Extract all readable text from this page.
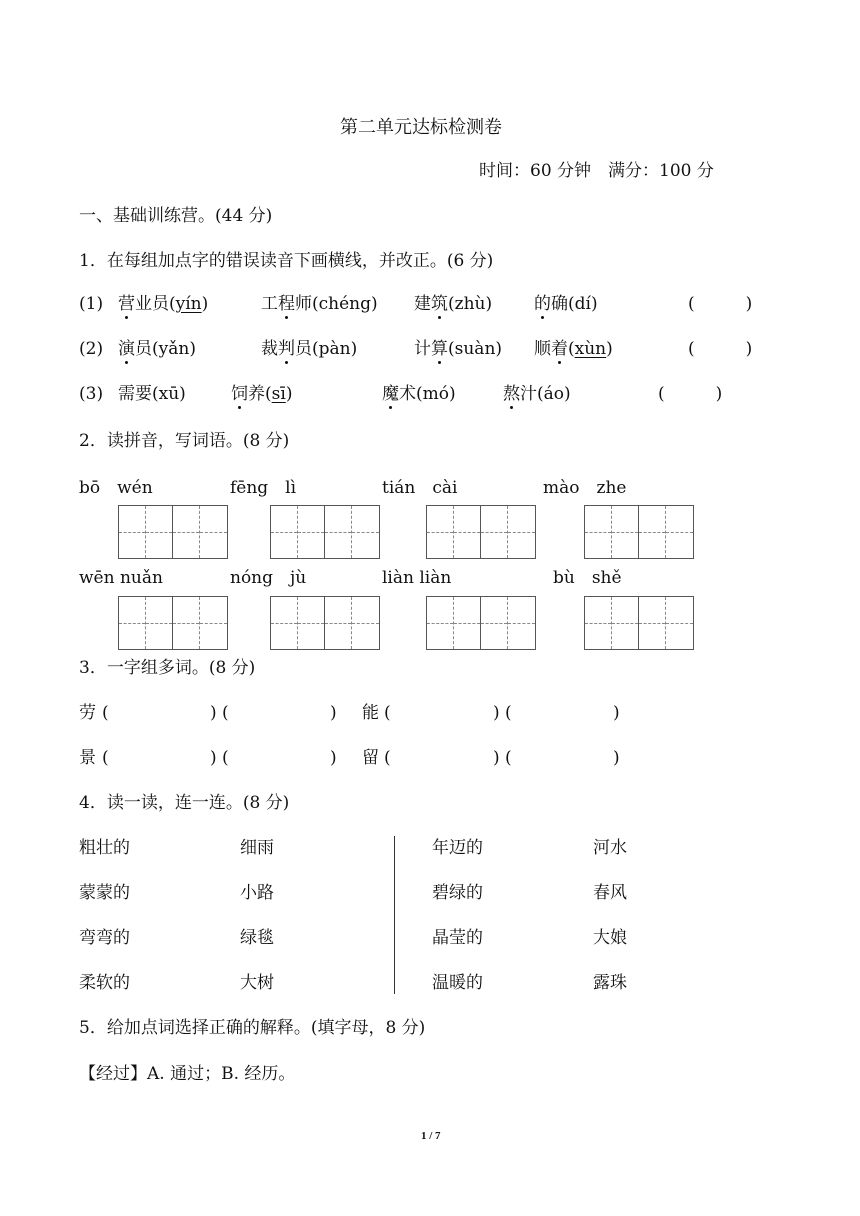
第二单元达标检测卷
时间：60 分钟　满分：100 分
一、基础训练营。(44 分)
1．在每组加点字的错误读音下画横线，并改正。(6 分)
(1) 营业员(yín)	工程师(chéng) 建筑(zhù) 的确(dí)	(　　　)
(2) 演员(yǎn)	裁判员(pàn)	计算(suàn) 顺着(xùn)	(　　　)
(3) 需要(xū)	饲养(sī)	魔术(mó)	熬汁(áo)	(　　　)
2．读拼音，写词语。(8 分)
bō　wén	fēng　lì	tián　cài	mào　zhe
wēn nuǎn	nóng　jù	liàn liàn	bù　shě
3．一字组多词。(8 分)
劳 (	) (	) 能 (	) (	)
景 (	) (	) 留 (	) (	)
4．读一读，连一连。(8 分)
粗壮的	细雨	年迈的	河水
蒙蒙的	小路	碧绿的	春风
弯弯的	绿毯	晶莹的	大娘
柔软的	大树	温暖的	露珠
5．给加点词选择正确的解释。(填字母，8 分)
【经过】A. 通过；B. 经历。
1 / 7
